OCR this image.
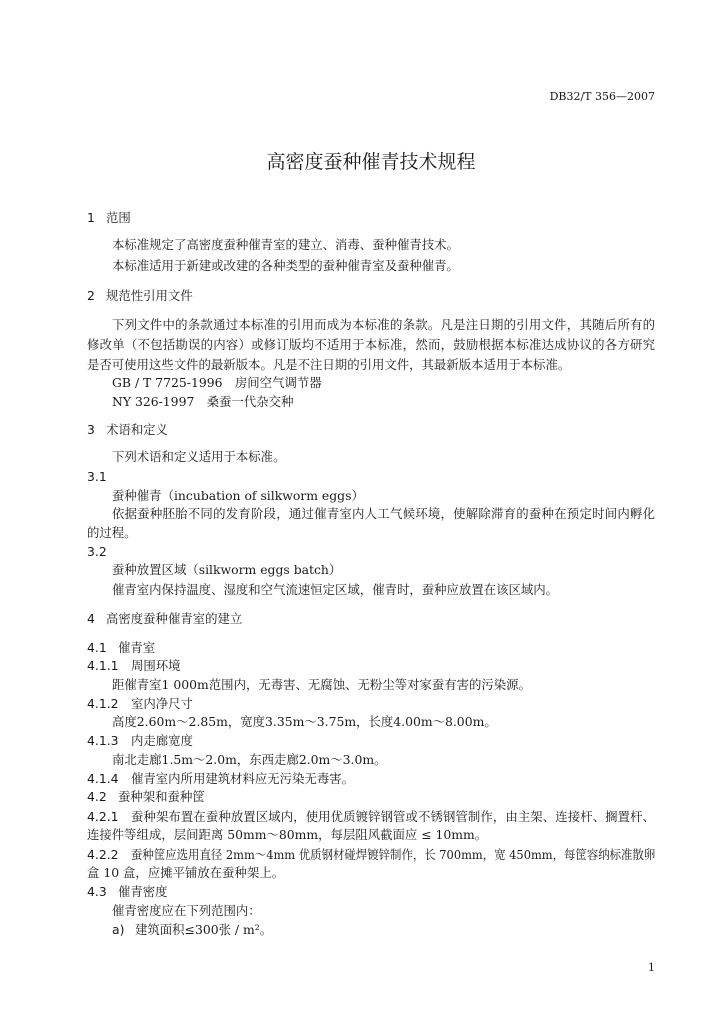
DB32/T 356—2007
高密度蚕种催青技术规程
1 范围
本标准规定了高密度蚕种催青室的建立、消毒、蚕种催青技术。
本标准适用于新建或改建的各种类型的蚕种催青室及蚕种催青。
2 规范性引用文件
下列文件中的条款通过本标准的引用而成为本标准的条款。凡是注日期的引用文件，其随后所有的
修改单（不包括勘误的内容）或修订版均不适用于本标准，然而，鼓励根据本标准达成协议的各方研究
是否可使用这些文件的最新版本。凡是不注日期的引用文件，其最新版本适用于本标准。
GB / T 7725-1996　房间空气调节器
NY 326-1997　桑蚕一代杂交种
3 术语和定义
下列术语和定义适用于本标准。
3.1
蚕种催青（incubation of silkworm eggs）
依据蚕种胚胎不同的发育阶段，通过催青室内人工气候环境，使解除滞育的蚕种在预定时间内孵化
的过程。
3.2
蚕种放置区域（silkworm eggs batch）
催青室内保持温度、湿度和空气流速恒定区域，催青时，蚕种应放置在该区域内。
4 高密度蚕种催青室的建立
4.1 催青室
4.1.1 周围环境
距催青室1 000m范围内，无毒害、无腐蚀、无粉尘等对家蚕有害的污染源。
4.1.2 室内净尺寸
高度2.60m～2.85m，宽度3.35m～3.75m，长度4.00m～8.00m。
4.1.3 内走廊宽度
南北走廊1.5m～2.0m，东西走廊2.0m～3.0m。
4.1.4 催青室内所用建筑材料应无污染无毒害。
4.2 蚕种架和蚕种筐
4.2.1 蚕种架布置在蚕种放置区域内，使用优质镀锌钢管或不锈钢管制作，由主架、连接杆、搁置杆、
连接件等组成，层间距离 50mm～80mm，每层阻风截面应 ≤ 10mm。
4.2.2 蚕种筐应选用直径 2mm～4mm 优质钢材碰焊镀锌制作，长 700mm，宽 450mm，每筐容纳标准散卵
盒 10 盒，应摊平铺放在蚕种架上。
4.3 催青密度
催青密度应在下列范围内：
a) 建筑面积≤300张 / m²。
1
